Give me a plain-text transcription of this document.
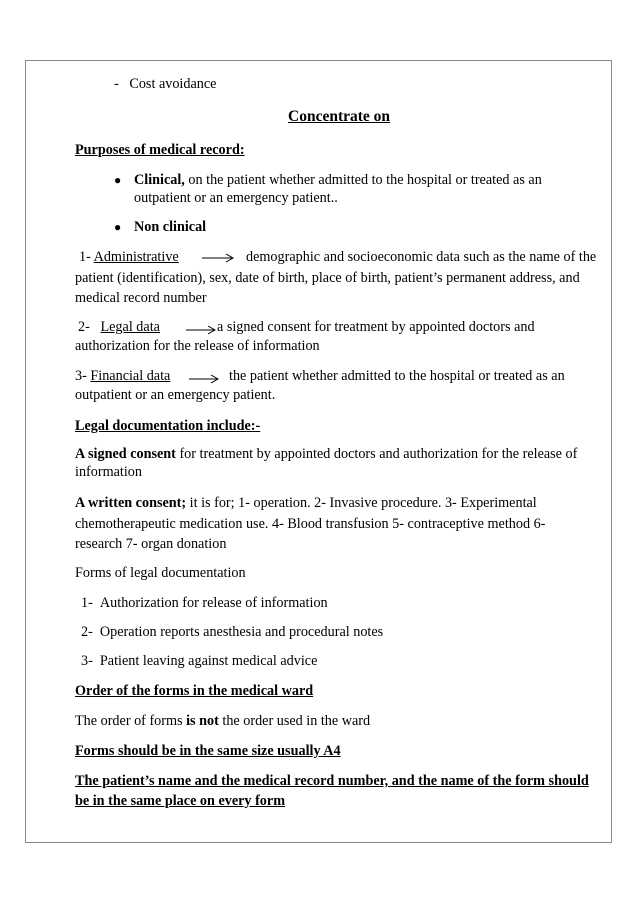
- Cost avoidance
Concentrate on
Purposes of medical record:
● Clinical, on the patient whether admitted to the hospital or treated as an
outpatient or an emergency patient..
● Non clinical
1- Administrative	demographic and socioeconomic data such as the name of the
patient (identification), sex, date of birth, place of birth, patient’s permanent address, and
medical record number
2- Legal data	a signed consent for treatment by appointed doctors and
authorization for the release of information
3- Financial data	the patient whether admitted to the hospital or treated as an
outpatient or an emergency patient.
Legal documentation include:-
A signed consent for treatment by appointed doctors and authorization for the release of
information
A written consent; it is for; 1- operation. 2- Invasive procedure. 3- Experimental
chemotherapeutic medication use. 4- Blood transfusion 5- contraceptive method 6-
research 7- organ donation
Forms of legal documentation
1- Authorization for release of information
2- Operation reports anesthesia and procedural notes
3- Patient leaving against medical advice
Order of the forms in the medical ward
The order of forms is not the order used in the ward
Forms should be in the same size usually A4
The patient’s name and the medical record number, and the name of the form should
be in the same place on every form
